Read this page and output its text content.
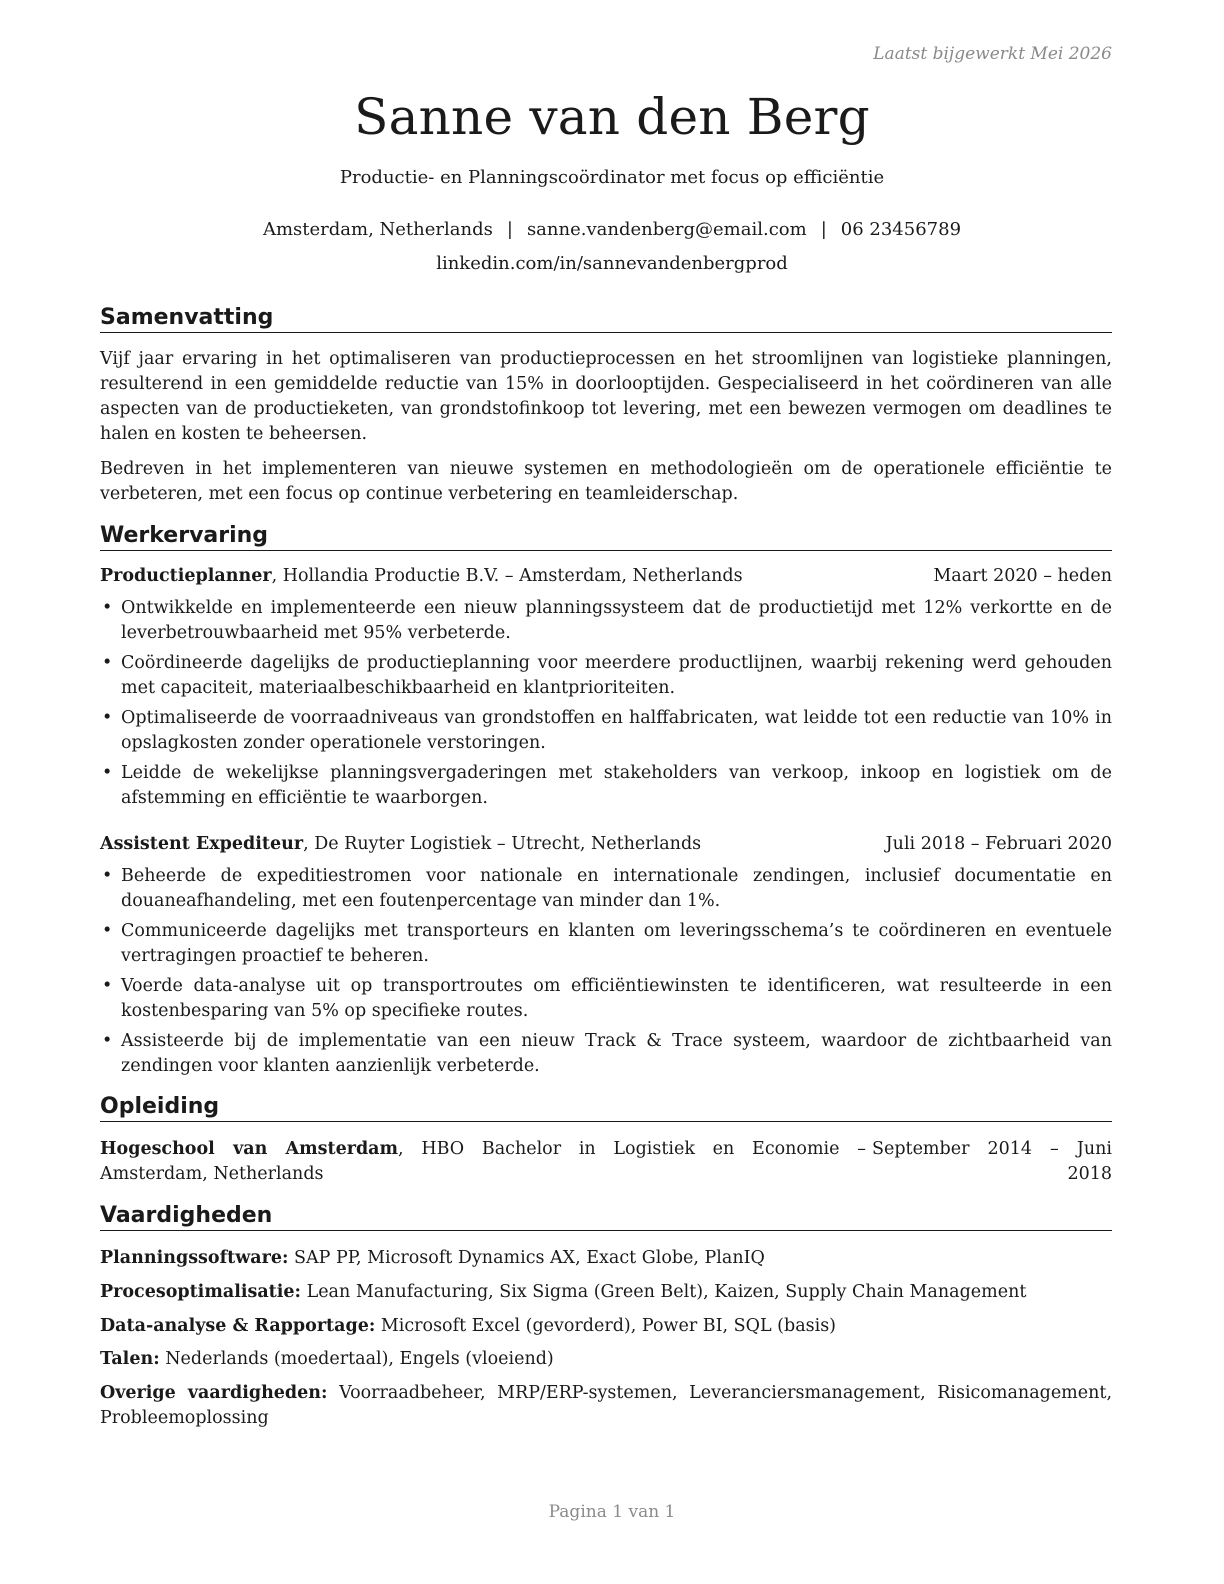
Laatst bijgewerkt Mei 2026
Sanne van den Berg
Productie- en Planningscoördinator met focus op efficiëntie
Amsterdam, Netherlands | sanne.vandenberg@email.com | 06 23456789
linkedin.com/in/sannevandenbergprod
Samenvatting

Vijf jaar ervaring in het optimaliseren van productieprocessen en het stroomlijnen van logistieke planningen, resulterend in een gemiddelde reductie van 15% in doorlooptijden. Gespecialiseerd in het coördineren van alle aspecten van de productieketen, van grondstofinkoop tot levering, met een bewezen vermogen om deadlines te halen en kosten te beheersen.

Bedreven in het implementeren van nieuwe systemen en methodologieën om de operationele efficiëntie te verbeteren, met een focus op continue verbetering en teamleiderschap.

Werkervaring
Productieplanner, Hollandia Productie B.V. – Amsterdam, Netherlands	Maart 2020 – heden
• Ontwikkelde en implementeerde een nieuw planningssysteem dat de productietijd met 12% verkortte en de leverbetrouwbaarheid met 95% verbeterde.
• Coördineerde dagelijks de productieplanning voor meerdere productlijnen, waarbij rekening werd gehouden met capaciteit, materiaalbeschikbaarheid en klantprioriteiten.
• Optimaliseerde de voorraadniveaus van grondstoffen en halffabricaten, wat leidde tot een reductie van 10% in opslagkosten zonder operationele verstoringen.
• Leidde de wekelijkse planningsvergaderingen met stakeholders van verkoop, inkoop en logistiek om de afstemming en efficiëntie te waarborgen.
Assistent Expediteur, De Ruyter Logistiek – Utrecht, Netherlands	Juli 2018 – Februari 2020
• Beheerde de expeditiestromen voor nationale en internationale zendingen, inclusief documentatie en douaneafhandeling, met een foutenpercentage van minder dan 1%.
• Communiceerde dagelijks met transporteurs en klanten om leveringsschema’s te coördineren en eventuele vertragingen proactief te beheren.
• Voerde data-analyse uit op transportroutes om efficiëntiewinsten te identificeren, wat resulteerde in een kostenbesparing van 5% op specifieke routes.
• Assisteerde bij de implementatie van een nieuw Track & Trace systeem, waardoor de zichtbaarheid van zendingen voor klanten aanzienlijk verbeterde.
Opleiding
Hogeschool van Amsterdam, HBO Bachelor in Logistiek en Economie – Amsterdam, Netherlands
September 2014 – Juni 2018
Vaardigheden

Planningssoftware: SAP PP, Microsoft Dynamics AX, Exact Globe, PlanIQ

Procesoptimalisatie: Lean Manufacturing, Six Sigma (Green Belt), Kaizen, Supply Chain Management

Data-analyse & Rapportage: Microsoft Excel (gevorderd), Power BI, SQL (basis)

Talen: Nederlands (moedertaal), Engels (vloeiend)

Overige vaardigheden: Voorraadbeheer, MRP/ERP-systemen, Leveranciersmanagement, Risicomanagement, Probleemoplossing

Pagina 1 van 1
